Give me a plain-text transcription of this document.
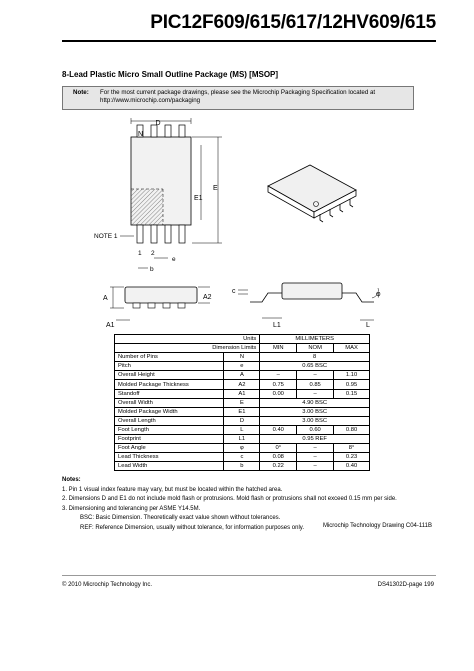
PIC12F609/615/617/12HV609/615
8-Lead Plastic Micro Small Outline Package (MS) [MSOP]
Note: For the most current package drawings, please see the Microchip Packaging Specification located at http://www.microchip.com/packaging
D
N
E
E1
NOTE 1
1 2
e
b
A	A2
A1
c	φ
L1	L
Units		MILLIMETERS		
Dimension Limits		MIN	NOM	MAX
Number of Pins	N	8		
Pitch	e	0.65 BSC		
Overall Height	A	–	–	1.10
Molded Package Thickness	A2	0.75	0.85	0.95
Standoff	A1	0.00	–	0.15
Overall Width	E	4.90 BSC		
Molded Package Width	E1	3.00 BSC		
Overall Length	D	3.00 BSC		
Foot Length	L	0.40	0.60	0.80
Footprint	L1	0.95 REF		
Foot Angle	φ	0°	–	8°
Lead Thickness	c	0.08	–	0.23
Lead Width	b	0.22	–	0.40
Notes:
1. Pin 1 visual index feature may vary, but must be located within the hatched area.
2. Dimensions D and E1 do not include mold flash or protrusions. Mold flash or protrusions shall not exceed 0.15 mm per side.
3. Dimensioning and tolerancing per ASME Y14.5M.
BSC: Basic Dimension. Theoretically exact value shown without tolerances.
REF: Reference Dimension, usually without tolerance, for information purposes only.	Microchip Technology Drawing C04-111B
© 2010 Microchip Technology Inc.	DS41302D-page 199
